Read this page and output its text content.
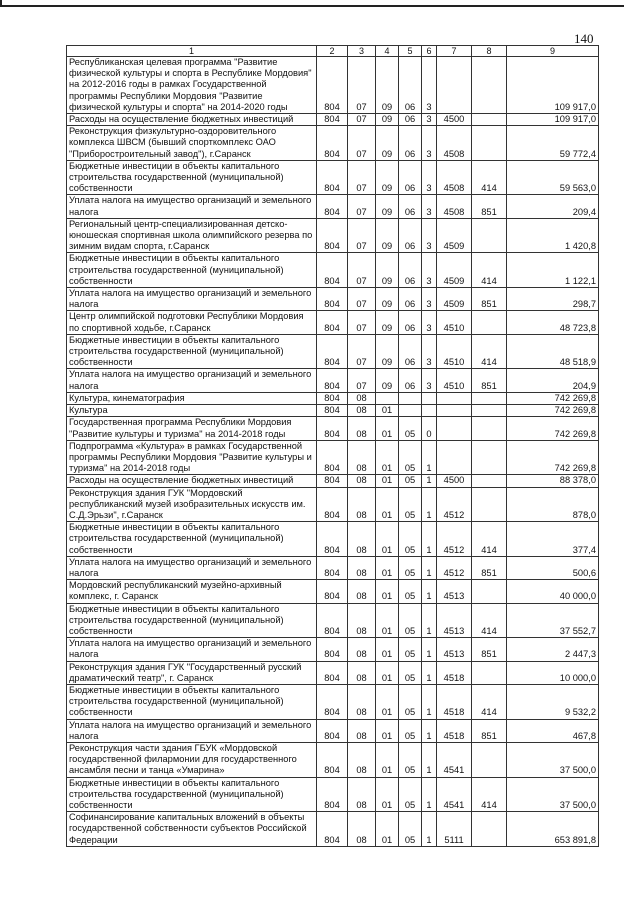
140
1	2	3	4	5	6	7	8	9
Республиканская целевая программа "Развитие физической культуры и спорта в Республике Мордовия" на 2012-2016 годы в рамках Государственной программы Республики Мордовия "Развитие физической культуры и спорта" на 2014-2020 годы	804	07	09	06	3			109 917,0
Расходы на осуществление бюджетных инвестиций	804	07	09	06	3	4500		109 917,0
Реконструкция физкультурно-оздоровительного комплекса ШВСМ (бывший спорткомплекс ОАО "Приборостроительный завод"), г.Саранск	804	07	09	06	3	4508		59 772,4
Бюджетные инвестиции в объекты капитального строительства государственной (муниципальной) собственности	804	07	09	06	3	4508	414	59 563,0
Уплата налога на имущество организаций и земельного налога	804	07	09	06	3	4508	851	209,4
Региональный центр-специализированная детско-юношеская спортивная школа олимпийского резерва по зимним видам спорта, г.Саранск	804	07	09	06	3	4509		1 420,8
Бюджетные инвестиции в объекты капитального строительства государственной (муниципальной) собственности	804	07	09	06	3	4509	414	1 122,1
Уплата налога на имущество организаций и земельного налога	804	07	09	06	3	4509	851	298,7
Центр олимпийской подготовки Республики Мордовия по спортивной ходьбе, г.Саранск	804	07	09	06	3	4510		48 723,8
Бюджетные инвестиции в объекты капитального строительства государственной (муниципальной) собственности	804	07	09	06	3	4510	414	48 518,9
Уплата налога на имущество организаций и земельного налога	804	07	09	06	3	4510	851	204,9
Культура, кинематография	804	08						742 269,8
Культура	804	08	01					742 269,8
Государственная программа Республики Мордовия "Развитие культуры и туризма" на 2014-2018 годы	804	08	01	05	0			742 269,8
Подпрограмма «Культура» в рамках Государственной программы Республики Мордовия "Развитие культуры и туризма" на 2014-2018 годы	804	08	01	05	1			742 269,8
Расходы на осуществление бюджетных инвестиций	804	08	01	05	1	4500		88 378,0
Реконструкция здания ГУК "Мордовский республиканский музей изобразительных искусств им. С.Д.Эрьзи", г.Саранск	804	08	01	05	1	4512		878,0
Бюджетные инвестиции в объекты капитального строительства государственной (муниципальной) собственности	804	08	01	05	1	4512	414	377,4
Уплата налога на имущество организаций и земельного налога	804	08	01	05	1	4512	851	500,6
Мордовский республиканский музейно-архивный комплекс, г. Саранск	804	08	01	05	1	4513		40 000,0
Бюджетные инвестиции в объекты капитального строительства государственной (муниципальной) собственности	804	08	01	05	1	4513	414	37 552,7
Уплата налога на имущество организаций и земельного налога	804	08	01	05	1	4513	851	2 447,3
Реконструкция здания ГУК "Государственный русский драматический театр", г. Саранск	804	08	01	05	1	4518		10 000,0
Бюджетные инвестиции в объекты капитального строительства государственной (муниципальной) собственности	804	08	01	05	1	4518	414	9 532,2
Уплата налога на имущество организаций и земельного налога	804	08	01	05	1	4518	851	467,8
Реконструкция части здания ГБУК «Мордовской государственной филармонии для государственного ансамбля песни и танца «Умарина»	804	08	01	05	1	4541		37 500,0
Бюджетные инвестиции в объекты капитального строительства государственной (муниципальной) собственности	804	08	01	05	1	4541	414	37 500,0
Софинансирование капитальных вложений в объекты государственной собственности субъектов Российской Федерации	804	08	01	05	1	5111		653 891,8
